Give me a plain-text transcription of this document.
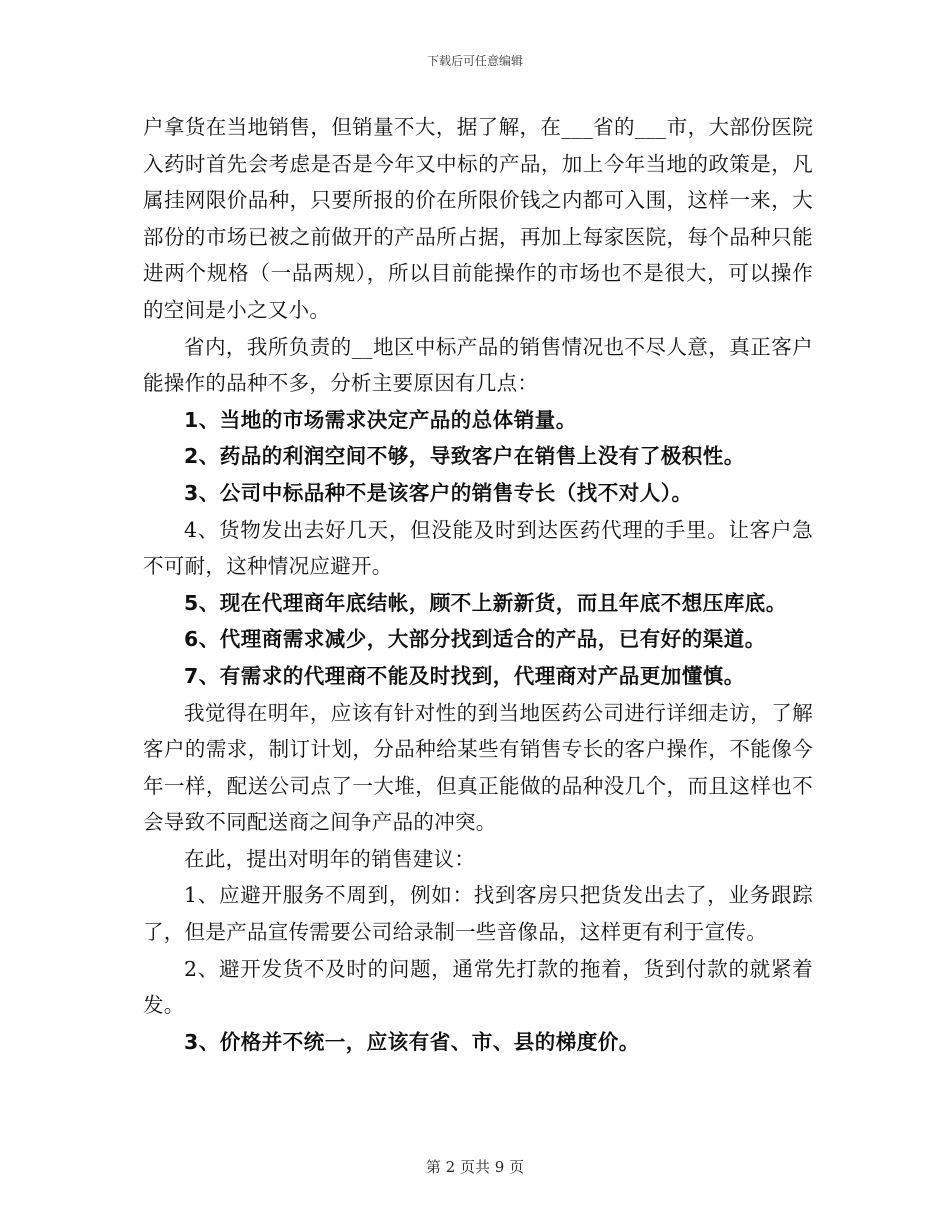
下载后可任意编辑

户拿货在当地销售，但销量不大，据了解，在___省的___市，大部份医院入药时首先会考虑是否是今年又中标的产品，加上今年当地的政策是，凡属挂网限价品种，只要所报的价在所限价钱之内都可入围，这样一来，大部份的市场已被之前做开的产品所占据，再加上每家医院，每个品种只能进两个规格（一品两规），所以目前能操作的市场也不是很大，可以操作的空间是小之又小。

省内，我所负责的__地区中标产品的销售情况也不尽人意，真正客户能操作的品种不多，分析主要原因有几点：

1、当地的市场需求决定产品的总体销量。

2、药品的利润空间不够，导致客户在销售上没有了极积性。

3、公司中标品种不是该客户的销售专长（找不对人）。

4、货物发出去好几天，但没能及时到达医药代理的手里。让客户急不可耐，这种情况应避开。

5、现在代理商年底结帐，顾不上新新货，而且年底不想压库底。

6、代理商需求减少，大部分找到适合的产品，已有好的渠道。

7、有需求的代理商不能及时找到，代理商对产品更加懂慎。

我觉得在明年，应该有针对性的到当地医药公司进行详细走访，了解客户的需求，制订计划，分品种给某些有销售专长的客户操作，不能像今年一样，配送公司点了一大堆，但真正能做的品种没几个，而且这样也不会导致不同配送商之间争产品的冲突。

在此，提出对明年的销售建议：

1、应避开服务不周到，例如：找到客房只把货发出去了，业务跟踪了，但是产品宣传需要公司给录制一些音像品，这样更有利于宣传。

2、避开发货不及时的问题，通常先打款的拖着，货到付款的就紧着发。

3、价格并不统一，应该有省、市、县的梯度价。

第 2 页共 9 页
